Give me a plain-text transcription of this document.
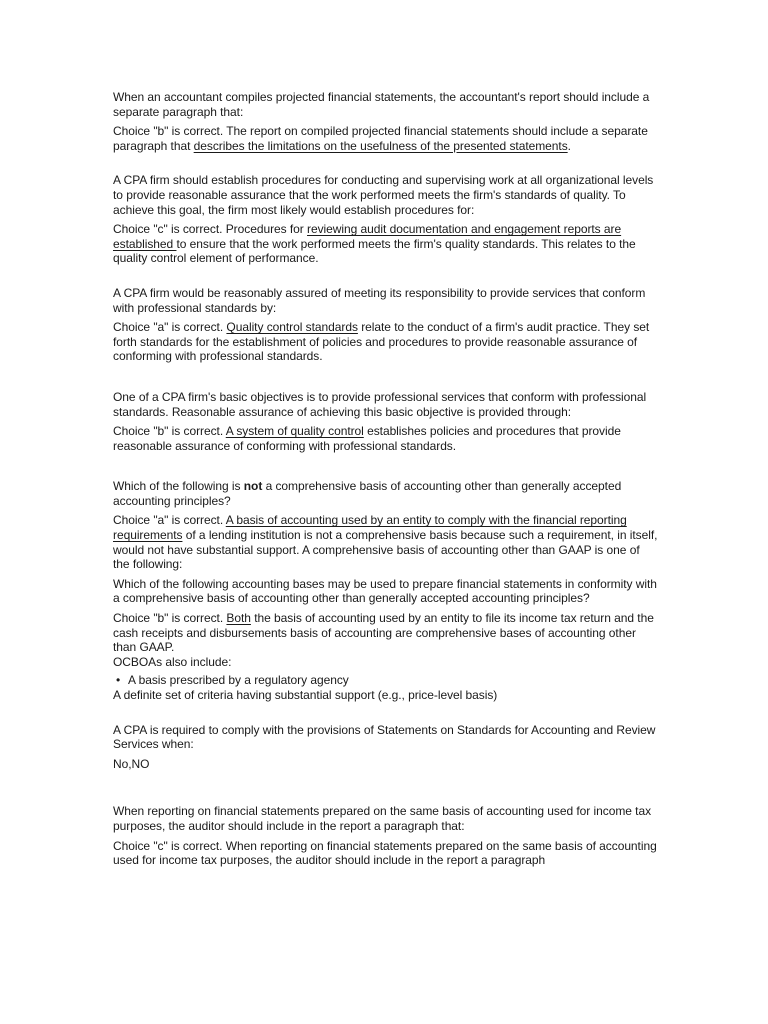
When an accountant compiles projected financial statements, the accountant's report should include a separate paragraph that:

Choice "b" is correct. The report on compiled projected financial statements should include a separate paragraph that describes the limitations on the usefulness of the presented statements.

A CPA firm should establish procedures for conducting and supervising work at all organizational levels to provide reasonable assurance that the work performed meets the firm's standards of quality. To achieve this goal, the firm most likely would establish procedures for:

Choice "c" is correct. Procedures for reviewing audit documentation and engagement reports are established to ensure that the work performed meets the firm's quality standards. This relates to the quality control element of performance.

A CPA firm would be reasonably assured of meeting its responsibility to provide services that conform with professional standards by:

Choice "a" is correct. Quality control standards relate to the conduct of a firm's audit practice. They set forth standards for the establishment of policies and procedures to provide reasonable assurance of conforming with professional standards.

One of a CPA firm's basic objectives is to provide professional services that conform with professional standards. Reasonable assurance of achieving this basic objective is provided through:

Choice "b" is correct. A system of quality control establishes policies and procedures that provide reasonable assurance of conforming with professional standards.

Which of the following is not a comprehensive basis of accounting other than generally accepted accounting principles?

Choice "a" is correct. A basis of accounting used by an entity to comply with the financial reporting requirements of a lending institution is not a comprehensive basis because such a requirement, in itself, would not have substantial support. A comprehensive basis of accounting other than GAAP is one of the following:

Which of the following accounting bases may be used to prepare financial statements in conformity with a comprehensive basis of accounting other than generally accepted accounting principles?

Choice "b" is correct. Both the basis of accounting used by an entity to file its income tax return and the cash receipts and disbursements basis of accounting are comprehensive bases of accounting other than GAAP.

OCBOAs also include:

• A basis prescribed by a regulatory agency

A definite set of criteria having substantial support (e.g., price-level basis)

A CPA is required to comply with the provisions of Statements on Standards for Accounting and Review Services when:

No,NO

When reporting on financial statements prepared on the same basis of accounting used for income tax purposes, the auditor should include in the report a paragraph that:

Choice "c" is correct. When reporting on financial statements prepared on the same basis of accounting used for income tax purposes, the auditor should include in the report a paragraph
